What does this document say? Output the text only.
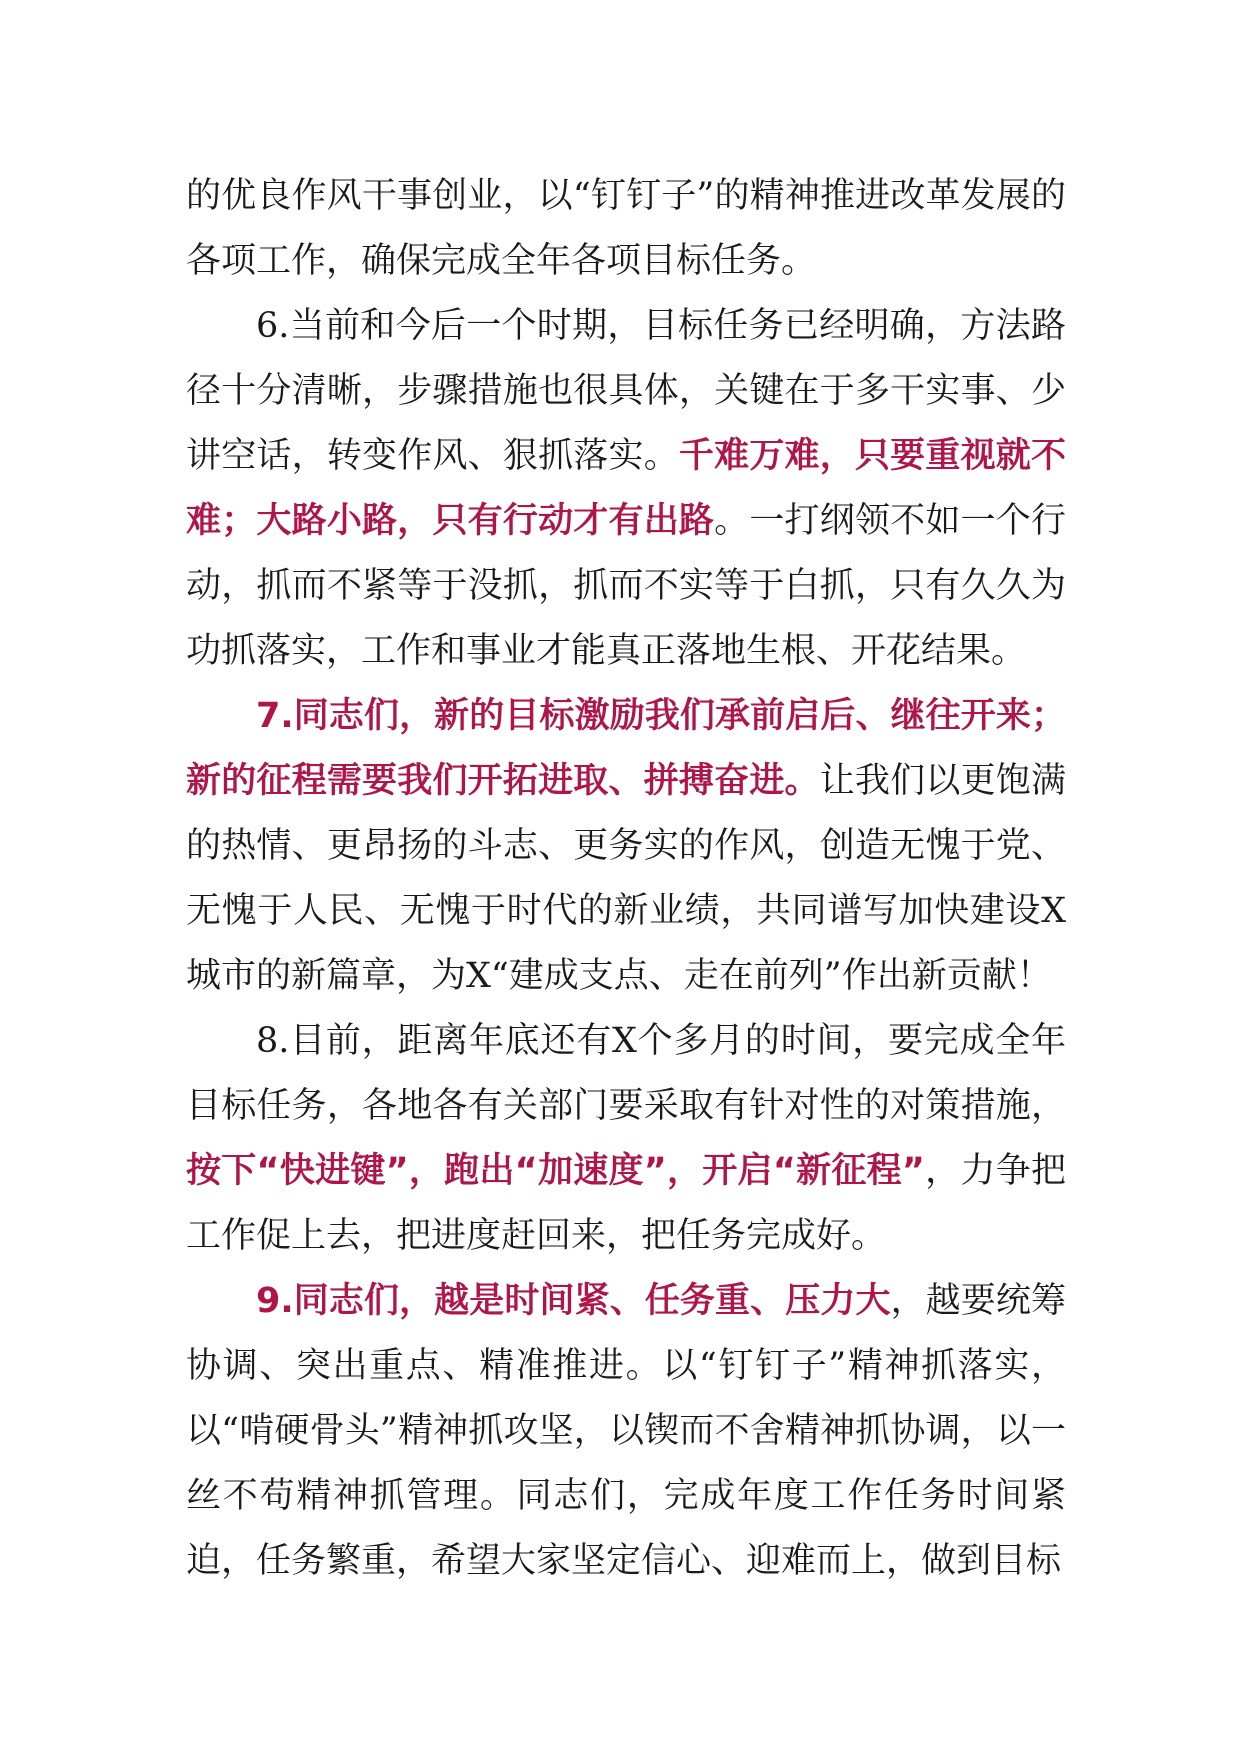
的优良作风干事创业，以“钉钉子”的精神推进改革发展的各项工作，确保完成全年各项目标任务。

6.当前和今后一个时期，目标任务已经明确，方法路径十分清晰，步骤措施也很具体，关键在于多干实事、少讲空话，转变作风、狠抓落实。千难万难，只要重视就不难；大路小路，只有行动才有出路。一打纲领不如一个行动，抓而不紧等于没抓，抓而不实等于白抓，只有久久为功抓落实，工作和事业才能真正落地生根、开花结果。

7.同志们，新的目标激励我们承前启后、继往开来；新的征程需要我们开拓进取、拼搏奋进。让我们以更饱满的热情、更昂扬的斗志、更务实的作风，创造无愧于党、无愧于人民、无愧于时代的新业绩，共同谱写加快建设X城市的新篇章，为X“建成支点、走在前列”作出新贡献！

8.目前，距离年底还有X个多月的时间，要完成全年目标任务，各地各有关部门要采取有针对性的对策措施，按下“快进键”，跑出“加速度”，开启“新征程”，力争把工作促上去，把进度赶回来，把任务完成好。

9.同志们，越是时间紧、任务重、压力大，越要统筹协调、突出重点、精准推进。以“钉钉子”精神抓落实，以“啃硬骨头”精神抓攻坚，以锲而不舍精神抓协调，以一丝不苟精神抓管理。同志们，完成年度工作任务时间紧迫，任务繁重，希望大家坚定信心、迎难而上，做到目标
